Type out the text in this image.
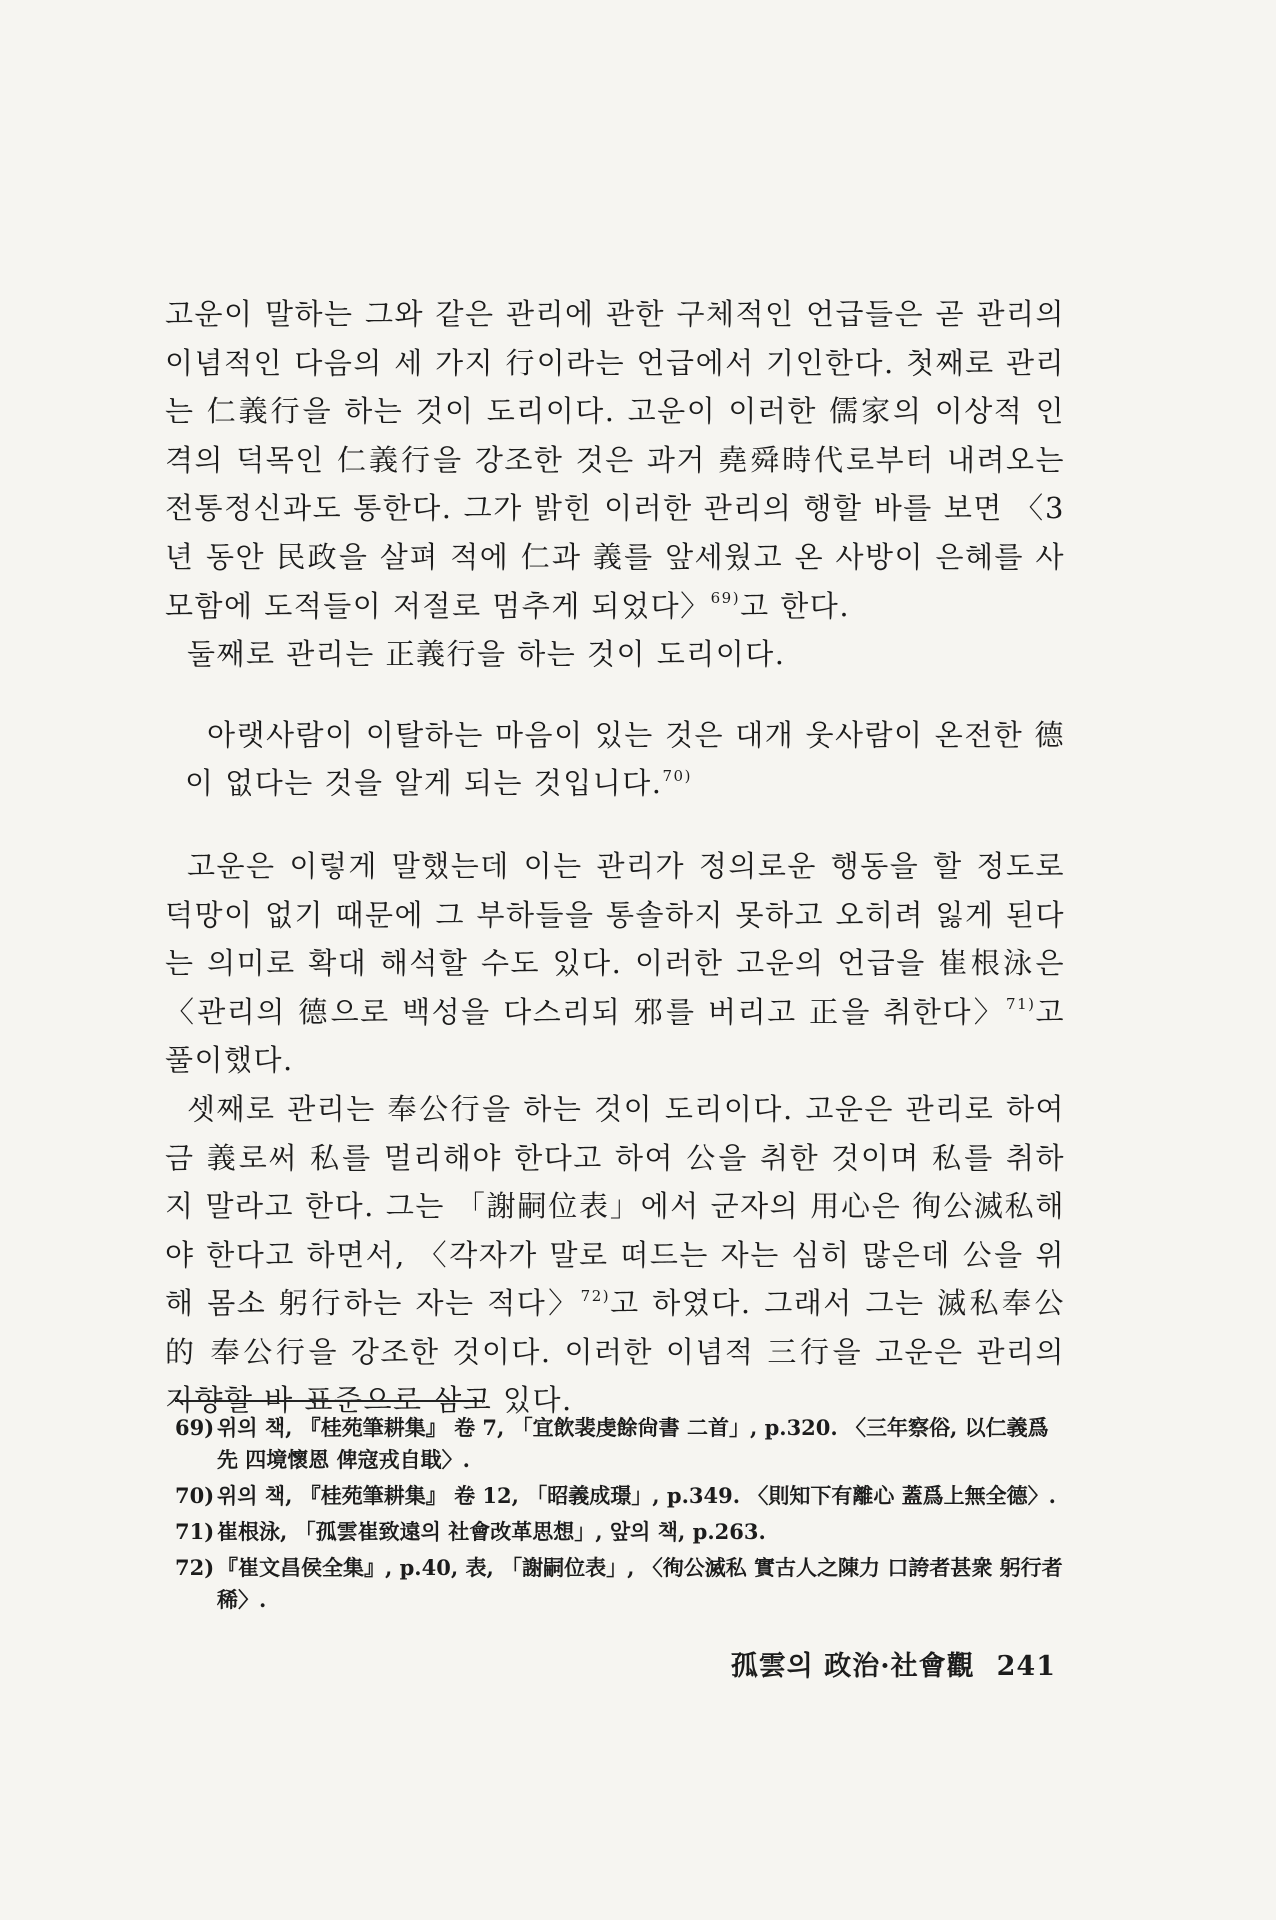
고운이 말하는 그와 같은 관리에 관한 구체적인 언급들은 곧 관리의 이념적인 다음의 세 가지 行이라는 언급에서 기인한다. 첫째로 관리는 仁義行을 하는 것이 도리이다. 고운이 이러한 儒家의 이상적 인격의 덕목인 仁義行을 강조한 것은 과거 堯舜時代로부터 내려오는 전통정신과도 통한다. 그가 밝힌 이러한 관리의 행할 바를 보면 〈3년 동안 民政을 살펴 적에 仁과 義를 앞세웠고 온 사방이 은혜를 사모함에 도적들이 저절로 멈추게 되었다〉$^{69)}$고 한다.

둘째로 관리는 正義行을 하는 것이 도리이다.

아랫사람이 이탈하는 마음이 있는 것은 대개 웃사람이 온전한 德이 없다는 것을 알게 되는 것입니다.$^{70)}$

고운은 이렇게 말했는데 이는 관리가 정의로운 행동을 할 정도로 덕망이 없기 때문에 그 부하들을 통솔하지 못하고 오히려 잃게 된다는 의미로 확대 해석할 수도 있다. 이러한 고운의 언급을 崔根泳은 〈관리의 德으로 백성을 다스리되 邪를 버리고 正을 취한다〉$^{71)}$고 풀이했다.

셋째로 관리는 奉公行을 하는 것이 도리이다. 고운은 관리로 하여금 義로써 私를 멀리해야 한다고 하여 公을 취한 것이며 私를 취하지 말라고 한다. 그는 「謝嗣位表」에서 군자의 用心은 徇公滅私해야 한다고 하면서, 〈각자가 말로 떠드는 자는 심히 많은데 公을 위해 몸소 躬行하는 자는 적다〉$^{72)}$고 하였다. 그래서 그는 滅私奉公的 奉公行을 강조한 것이다. 이러한 이념적 三行을 고운은 관리의 지향할 바 표준으로 삼고 있다.

69) 위의 책, 『桂苑筆耕集』 卷 7, 「宜飲裴虔餘尙書 二首」, p.320. 〈三年察俗, 以仁義爲先 四境懷恩 俾寇戎自戢〉.
70) 위의 책, 『桂苑筆耕集』 卷 12, 「昭義成璟」, p.349. 〈則知下有離心 蓋爲上無全德〉.
71) 崔根泳, 「孤雲崔致遠의 社會改革思想」, 앞의 책, p.263.
72) 『崔文昌侯全集』, p.40, 表, 「謝嗣位表」, 〈徇公滅私 實古人之陳力 口誇者甚衆 躬行者稀〉.
孤雲의 政治·社會觀 241
